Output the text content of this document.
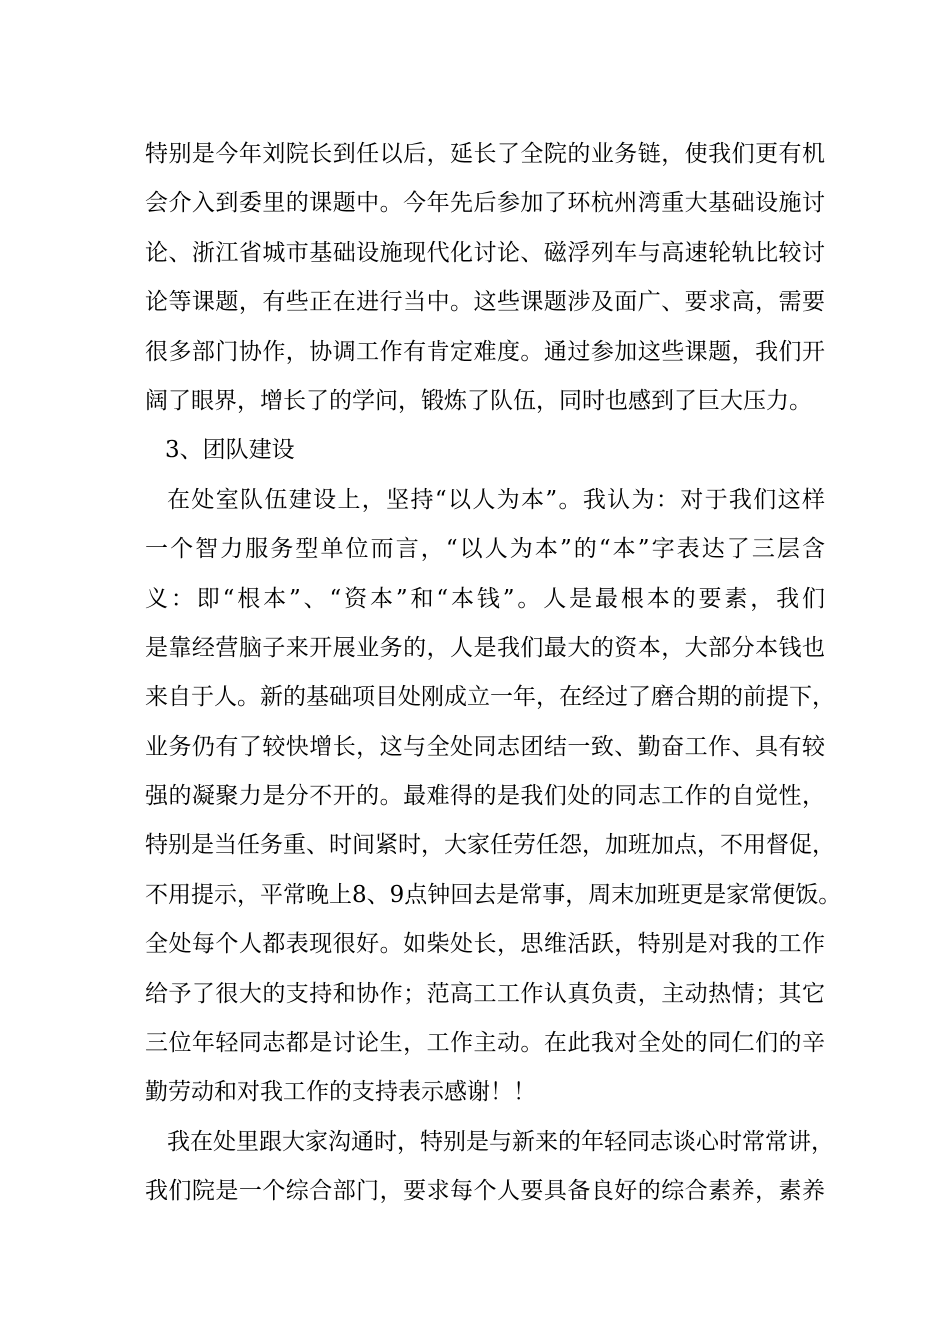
特别是今年刘院长到任以后，延长了全院的业务链，使我们更有机
会介入到委里的课题中。今年先后参加了环杭州湾重大基础设施讨
论、浙江省城市基础设施现代化讨论、磁浮列车与高速轮轨比较讨
论等课题，有些正在进行当中。这些课题涉及面广、要求高，需要
很多部门协作，协调工作有肯定难度。通过参加这些课题，我们开
阔了眼界，增长了的学问，锻炼了队伍，同时也感到了巨大压力。
3、团队建设
在处室队伍建设上，坚持“以人为本”。我认为：对于我们这样
一个智力服务型单位而言，“以人为本”的“本”字表达了三层含
义：即“根本”、“资本”和“本钱”。人是最根本的要素，我们
是靠经营脑子来开展业务的，人是我们最大的资本，大部分本钱也
来自于人。新的基础项目处刚成立一年，在经过了磨合期的前提下，
业务仍有了较快增长，这与全处同志团结一致、勤奋工作、具有较
强的凝聚力是分不开的。最难得的是我们处的同志工作的自觉性，
特别是当任务重、时间紧时，大家任劳任怨，加班加点，不用督促，
不用提示，平常晚上8、9点钟回去是常事，周末加班更是家常便饭。
全处每个人都表现很好。如柴处长，思维活跃，特别是对我的工作
给予了很大的支持和协作；范高工工作认真负责，主动热情；其它
三位年轻同志都是讨论生，工作主动。在此我对全处的同仁们的辛
勤劳动和对我工作的支持表示感谢！！
我在处里跟大家沟通时，特别是与新来的年轻同志谈心时常常讲，
我们院是一个综合部门，要求每个人要具备良好的综合素养，素养
